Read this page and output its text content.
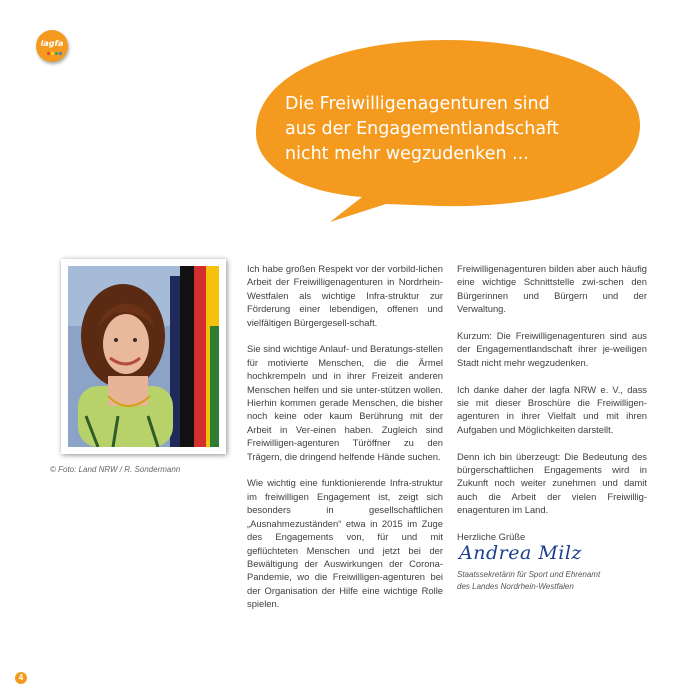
lagfa
Die Freiwilligenagenturen sind
aus der Engagementlandschaft
nicht mehr wegzudenken ...
© Foto: Land NRW / R. Sondermann

Ich habe großen Respekt vor der vorbild-lichen Arbeit der Freiwilligenagenturen in Nordrhein-Westfalen als wichtige Infra-struktur zur Förderung einer lebendigen, offenen und vielfältigen Bürgergesell-schaft.

Sie sind wichtige Anlauf- und Beratungs-stellen für motivierte Menschen, die die Ärmel hochkrempeln und in ihrer Freizeit anderen Menschen helfen und sie unter-stützen wollen. Hierhin kommen gerade Menschen, die bisher noch keine oder kaum Berührung mit der Arbeit in Ver-einen haben. Zugleich sind Freiwilligen-agenturen Türöffner zu den Trägern, die dringend helfende Hände suchen.

Wie wichtig eine funktionierende Infra-struktur im freiwilligen Engagement ist, zeigt sich besonders in gesellschaftlichen „Ausnahmezuständen“ etwa in 2015 im Zuge des Engagements von, für und mit geflüchteten Menschen und jetzt bei der Bewältigung der Auswirkungen der Corona-Pandemie, wo die Freiwilligen-agenturen bei der Organisation der Hilfe eine wichtige Rolle spielen.

Freiwilligenagenturen bilden aber auch häufig eine wichtige Schnittstelle zwi-schen den Bürgerinnen und Bürgern und der Verwaltung.

Kurzum: Die Freiwilligenagenturen sind aus der Engagementlandschaft ihrer je-weiligen Stadt nicht mehr wegzudenken.

Ich danke daher der lagfa NRW e. V., dass sie mit dieser Broschüre die Freiwilligen-agenturen in ihrer Vielfalt und mit ihren Aufgaben und Möglichkeiten darstellt.

Denn ich bin überzeugt: Die Bedeutung des bürgerschaftlichen Engagements wird in Zukunft noch weiter zunehmen und damit auch die Arbeit der vielen Freiwillig-enagenturen im Land.

Herzliche Grüße

Andrea Milz
Staatssekretärin für Sport und Ehrenamt
des Landes Nordrhein-Westfalen
4
